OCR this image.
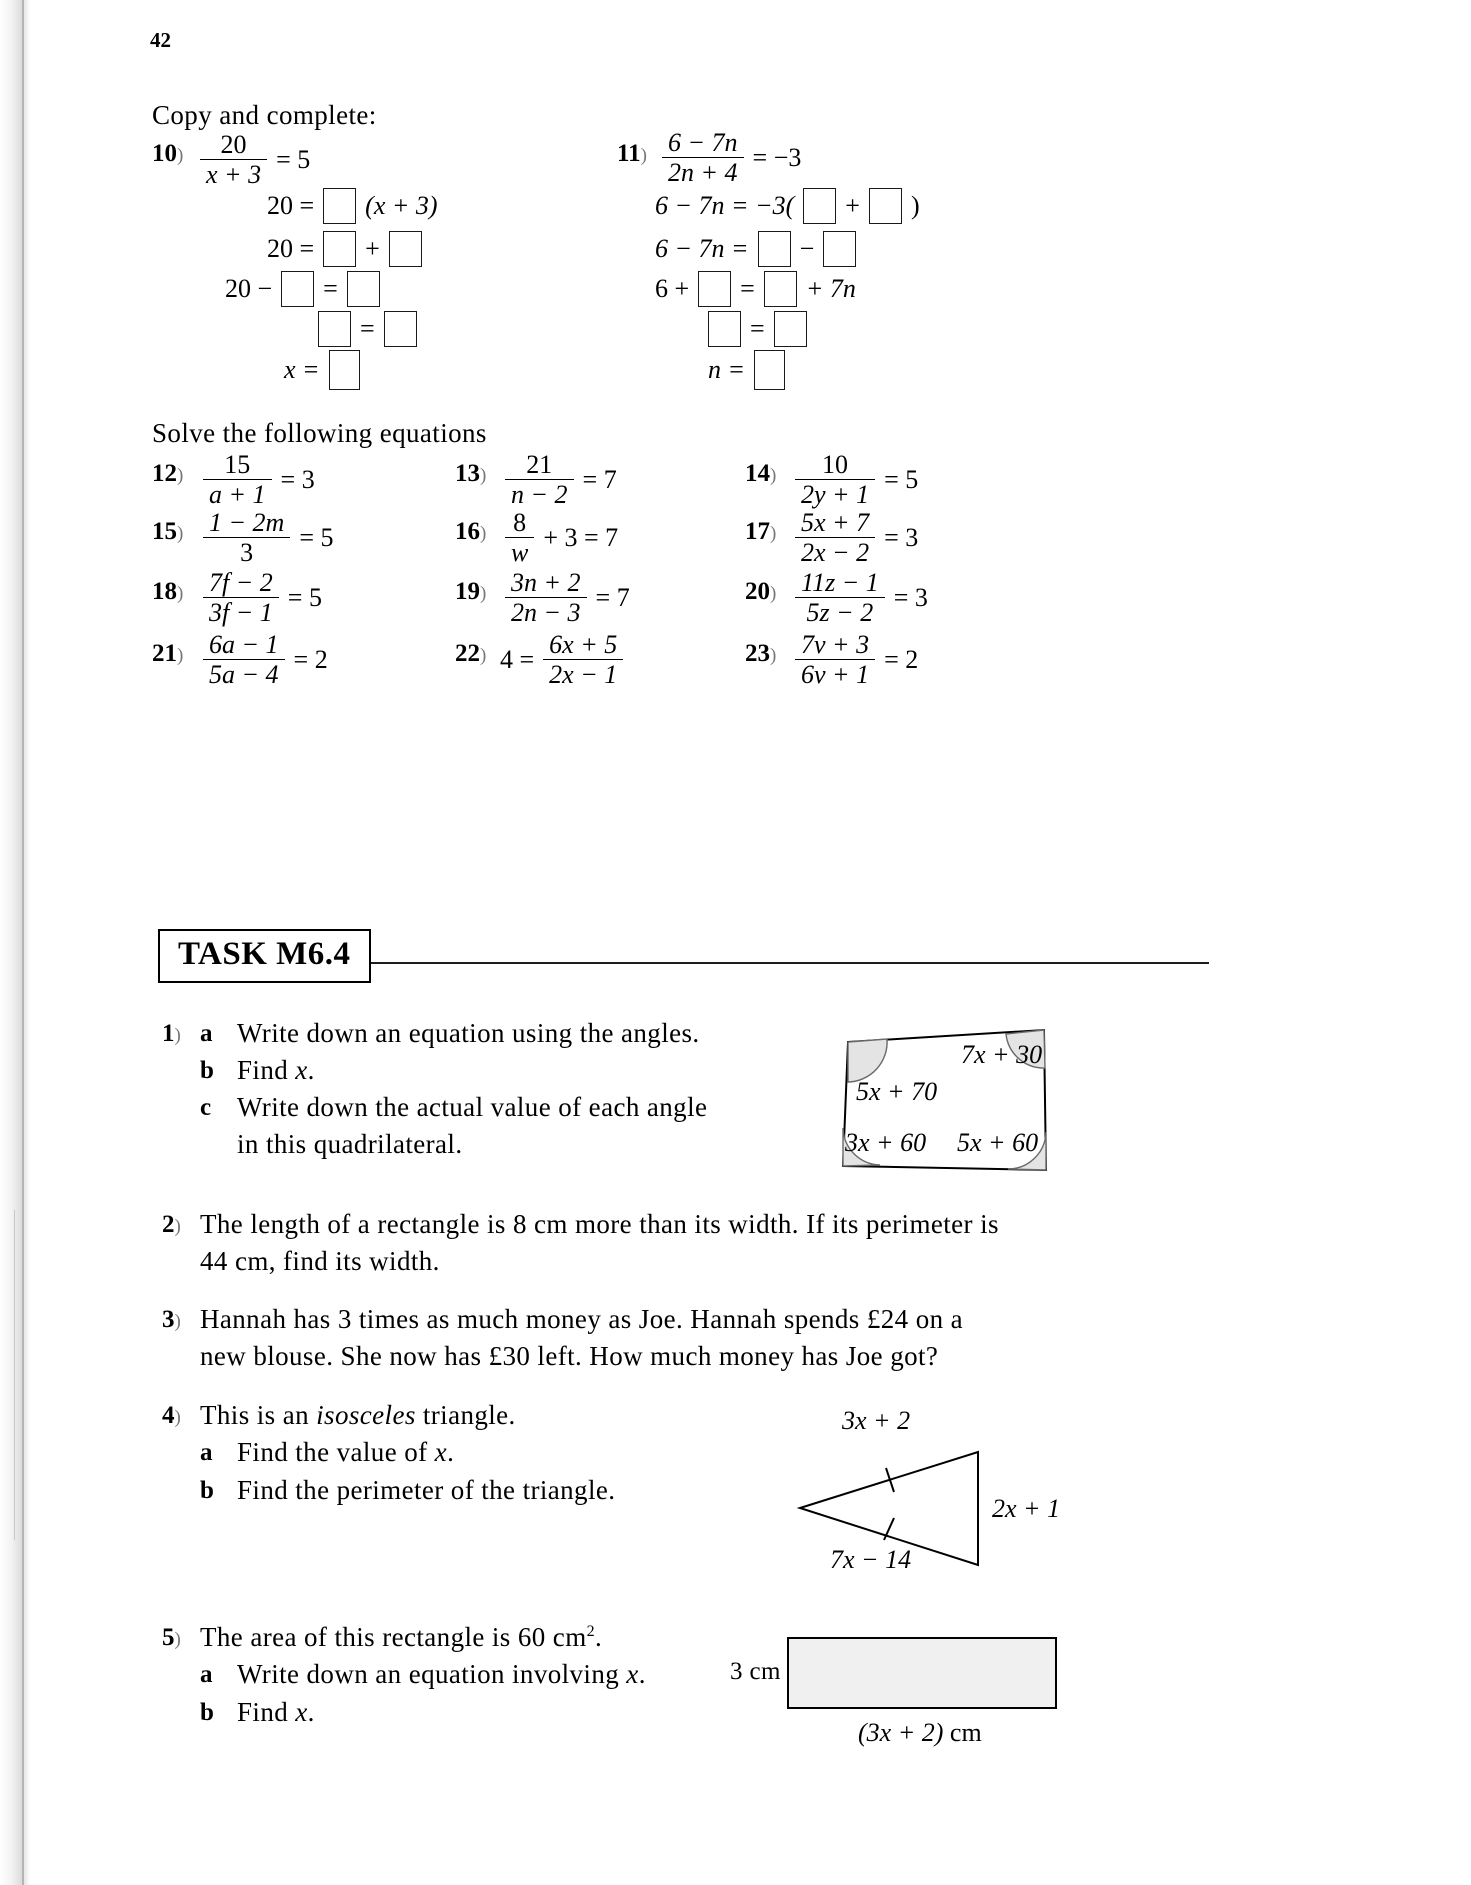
42
Copy and complete:
$10) \frac{20}{x + 3} = 5$
20 = (x + 3)
20 = +
20 − =
=
x =
$11) \frac{6 - 7n}{2n + 4} = -3$
6 − 7n = −3( + )
6 − 7n = −
6 + = + 7n
=
n =
Solve the following equations
$12) \frac{15}{a + 1} = 3$	$13) \frac{21}{n - 2} = 7$	$14) \frac{10}{2y + 1} = 5$
$15) \frac{1 - 2m}{3} = 5$	$16) \frac{8}{w} + 3 = 7$	$17) \frac{5x + 7}{2x - 2} = 3$
$18) \frac{7f - 2}{3f - 1} = 5$	$19) \frac{3n + 2}{2n - 3} = 7$	$20) \frac{11z - 1}{5z - 2} = 3$
$21) \frac{6a - 1}{5a - 4} = 2$	22) $4 = \frac{6x + 5}{2x - 1}$	$23) \frac{7v + 3}{6v + 1} = 2$
TASK M6.4
1) a Write down an equation using the angles.
b Find x.
c Write down the actual value of each angle
in this quadrilateral.
7x + 30
5x + 70
3x + 60 5x + 60
2) The length of a rectangle is 8 cm more than its width. If its perimeter is
44 cm, find its width.
3) Hannah has 3 times as much money as Joe. Hannah spends £24 on a
new blouse. She now has £30 left. How much money has Joe got?
4) This is an isosceles triangle.
a Find the value of x.
b Find the perimeter of the triangle.
3x + 2
2x + 1
7x − 14
5) The area of this rectangle is 60 $cm^2$.
a Write down an equation involving x.
b Find x.
3 cm
(3x + 2) cm
